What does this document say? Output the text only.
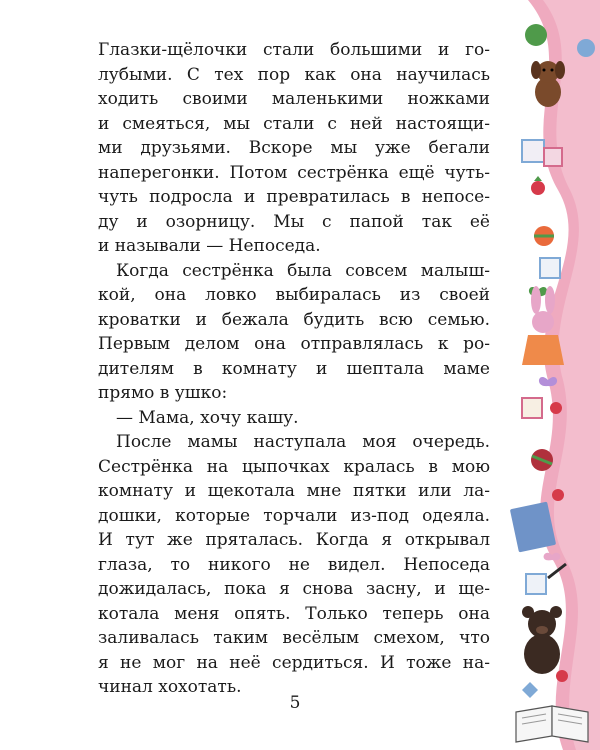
Глазки-щёлочки стали большими и го-
лубыми. С тех пор как она научилась
ходить своими маленькими ножками
и смеяться, мы стали с ней настоящи-
ми друзьями. Вскоре мы уже бегали
наперегонки. Потом сестрёнка ещё чуть-
чуть подросла и превратилась в непосе-
ду и озорницу. Мы с папой так её
и называли — Непоседа.
Когда сестрёнка была совсем малыш-
кой, она ловко выбиралась из своей
кроватки и бежала будить всю семью.
Первым делом она отправлялась к ро-
дителям в комнату и шептала маме
прямо в ушко:
— Мама, хочу кашу.
После мамы наступала моя очередь.
Сестрёнка на цыпочках кралась в мою
комнату и щекотала мне пятки или ла-
дошки, которые торчали из-под одеяла.
И тут же пряталась. Когда я открывал
глаза, то никого не видел. Непоседа
дожидалась, пока я снова засну, и ще-
котала меня опять. Только теперь она
заливалась таким весёлым смехом, что
я не мог на неё сердиться. И тоже на-
чинал хохотать.
5
